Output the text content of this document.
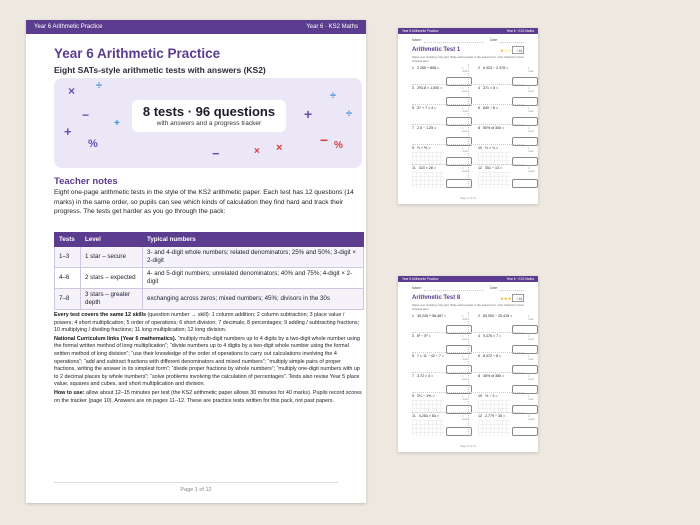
Year 6 Arithmetic Practice	Year 6 · KS2 Maths
Year 6 Arithmetic Practice
Eight SATs-style arithmetic tests with answers (KS2)
× ÷
+
−
%
×
÷
+
− %
×
÷
+
−
8 tests · 96 questions
with answers and a progress tracker
Teacher notes
Eight one-page arithmetic tests in the style of the KS2 arithmetic paper. Each test has 12 questions (14 marks) in the same order, so pupils can see which kinds of calculation they find hard and track their progress. The tests get harder as you go through the pack:
Tests	Level	Typical numbers
1–3	1 star – secure	3- and 4-digit whole numbers; related denominators; 25% and 50%; 3-digit × 2-digit
4–6	2 stars – expected	4- and 5-digit numbers; unrelated denominators; 40% and 75%; 4-digit × 2-digit
7–8	3 stars – greater depth	exchanging across zeros; mixed numbers; 45%; divisors in the 30s

Every test covers the same 12 skills (question number → skill): 1 column addition; 2 column subtraction; 3 place value / powers; 4 short multiplication; 5 order of operations; 6 short division; 7 decimals; 8 percentages; 9 adding / subtracting fractions; 10 multiplying / dividing fractions; 11 long multiplication; 12 long division.

National Curriculum links (Year 6 mathematics). “multiply multi-digit numbers up to 4 digits by a two-digit whole number using the formal written method of long multiplication”; “divide numbers up to 4 digits by a two-digit whole number using the formal written method of long division”; “use their knowledge of the order of operations to carry out calculations involving the 4 operations”; “add and subtract fractions with different denominators and mixed numbers”; “multiply simple pairs of proper fractions, writing the answer in its simplest form”; “divide proper fractions by whole numbers”; “multiply one-digit numbers with up to 2 decimal places by whole numbers”; “solve problems involving the calculation of percentages”. Tests also revise Year 5 place value, squares and cubes, and short multiplication and division.

How to use: allow about 12–15 minutes per test (the KS2 arithmetic paper allows 30 minutes for 40 marks). Pupils record scores on the tracker (page 10). Answers are on pages 11–12. These are practice tests written for this pack, not past papers.

Page 1 of 12
Year 6 Arithmetic Practice	Year 6 · KS2 Maths
Name:	Date:
Arithmetic Test 1	★☆☆	/ 14
Show your working in the grid. Write each answer in the answer box. Give fractions in their simplest form.
1 2 265 + 808 =	1 mark
2 6 423 − 2 375 =	1 mark
3 293.8 × 1,000 =	1 mark
4 371 × 8 =	1 mark
5 37 + 7 × 4 =	1 mark
6 840 ÷ 6 =	1 mark
7 2.5 − 1.25 =	1 mark
8 50% of 300 =	1 mark
9 ⅓ + ⅙ =	1 mark
10 ⅔ × ¼ =	1 mark
11 423 × 28 =	2 marks
12 351 ÷ 13 =	2 marks
Page 2 of 12
Year 6 Arithmetic Practice	Year 6 · KS2 Maths
Name:	Date:
Arithmetic Test 8	★★★	/ 14
Show your working in the grid. Write each answer in the answer box. Give fractions in their simplest form.
1 49,245 + 58,487 =	1 mark
2 60,000 − 25,415 =	1 mark
3 6³ − 5³ =	1 mark
4 9,376 × 7 =	1 mark
5 7 × 11 − 42 ÷ 7 =	1 mark
6 8,372 ÷ 8 =	1 mark
7 3.72 × 4 =	1 mark
8 45% of 380 =	1 mark
9 2⅔ − 1⅘ =	1 mark
10 ⅚ ÷ 3 =	1 mark
11 4,263 × 83 =	2 marks
12 2,779 ÷ 35 =	2 marks
Page 9 of 12
